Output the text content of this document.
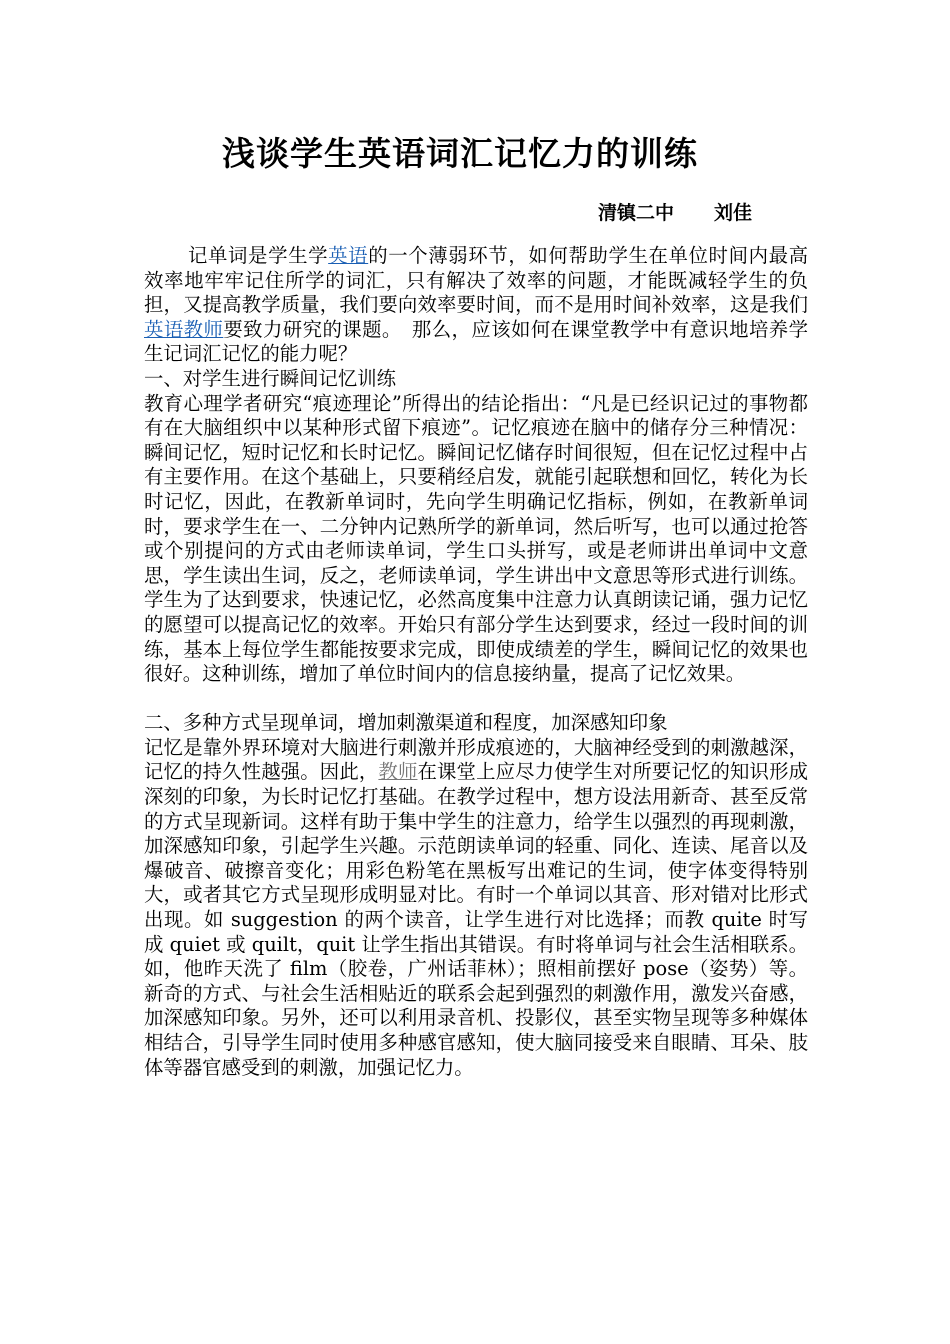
浅谈学生英语词汇记忆力的训练
清镇二中 刘佳

记单词是学生学英语的一个薄弱环节，如何帮助学生在单位时间内最高效率地牢牢记住所学的词汇，只有解决了效率的问题，才能既减轻学生的负担，又提高教学质量，我们要向效率要时间，而不是用时间补效率，这是我们英语教师要致力研究的课题。　那么，应该如何在课堂教学中有意识地培养学生记词汇记忆的能力呢？

一、对学生进行瞬间记忆训练

教育心理学者研究“痕迹理论”所得出的结论指出：“凡是已经识记过的事物都有在大脑组织中以某种形式留下痕迹”。记忆痕迹在脑中的储存分三种情况：瞬间记忆，短时记忆和长时记忆。瞬间记忆储存时间很短，但在记忆过程中占有主要作用。在这个基础上，只要稍经启发，就能引起联想和回忆，转化为长时记忆，因此，在教新单词时，先向学生明确记忆指标，例如，在教新单词时，要求学生在一、二分钟内记熟所学的新单词，然后听写，也可以通过抢答或个别提问的方式由老师读单词，学生口头拼写，或是老师讲出单词中文意思，学生读出生词，反之，老师读单词，学生讲出中文意思等形式进行训练。学生为了达到要求，快速记忆，必然高度集中注意力认真朗读记诵，强力记忆的愿望可以提高记忆的效率。开始只有部分学生达到要求，经过一段时间的训练，基本上每位学生都能按要求完成，即使成绩差的学生，瞬间记忆的效果也很好。这种训练，增加了单位时间内的信息接纳量，提高了记忆效果。

二、多种方式呈现单词，增加刺激渠道和程度，加深感知印象

记忆是靠外界环境对大脑进行刺激并形成痕迹的，大脑神经受到的刺激越深，记忆的持久性越强。因此，教师在课堂上应尽力使学生对所要记忆的知识形成深刻的印象，为长时记忆打基础。在教学过程中，想方设法用新奇、甚至反常的方式呈现新词。这样有助于集中学生的注意力，给学生以强烈的再现刺激，加深感知印象，引起学生兴趣。示范朗读单词的轻重、同化、连读、尾音以及爆破音、破擦音变化；用彩色粉笔在黑板写出难记的生词，使字体变得特别大，或者其它方式呈现形成明显对比。有时一个单词以其音、形对错对比形式出现。如 suggestion 的两个读音，让学生进行对比选择；而教 quite 时写成 quiet 或 quilt，quit 让学生指出其错误。有时将单词与社会生活相联系。如，他昨天洗了 film（胶卷，广州话菲林）；照相前摆好 pose（姿势）等。新奇的方式、与社会生活相贴近的联系会起到强烈的刺激作用，激发兴奋感，加深感知印象。另外，还可以利用录音机、投影仪，甚至实物呈现等多种媒体相结合，引导学生同时使用多种感官感知，使大脑同接受来自眼睛、耳朵、肢体等器官感受到的刺激，加强记忆力。
